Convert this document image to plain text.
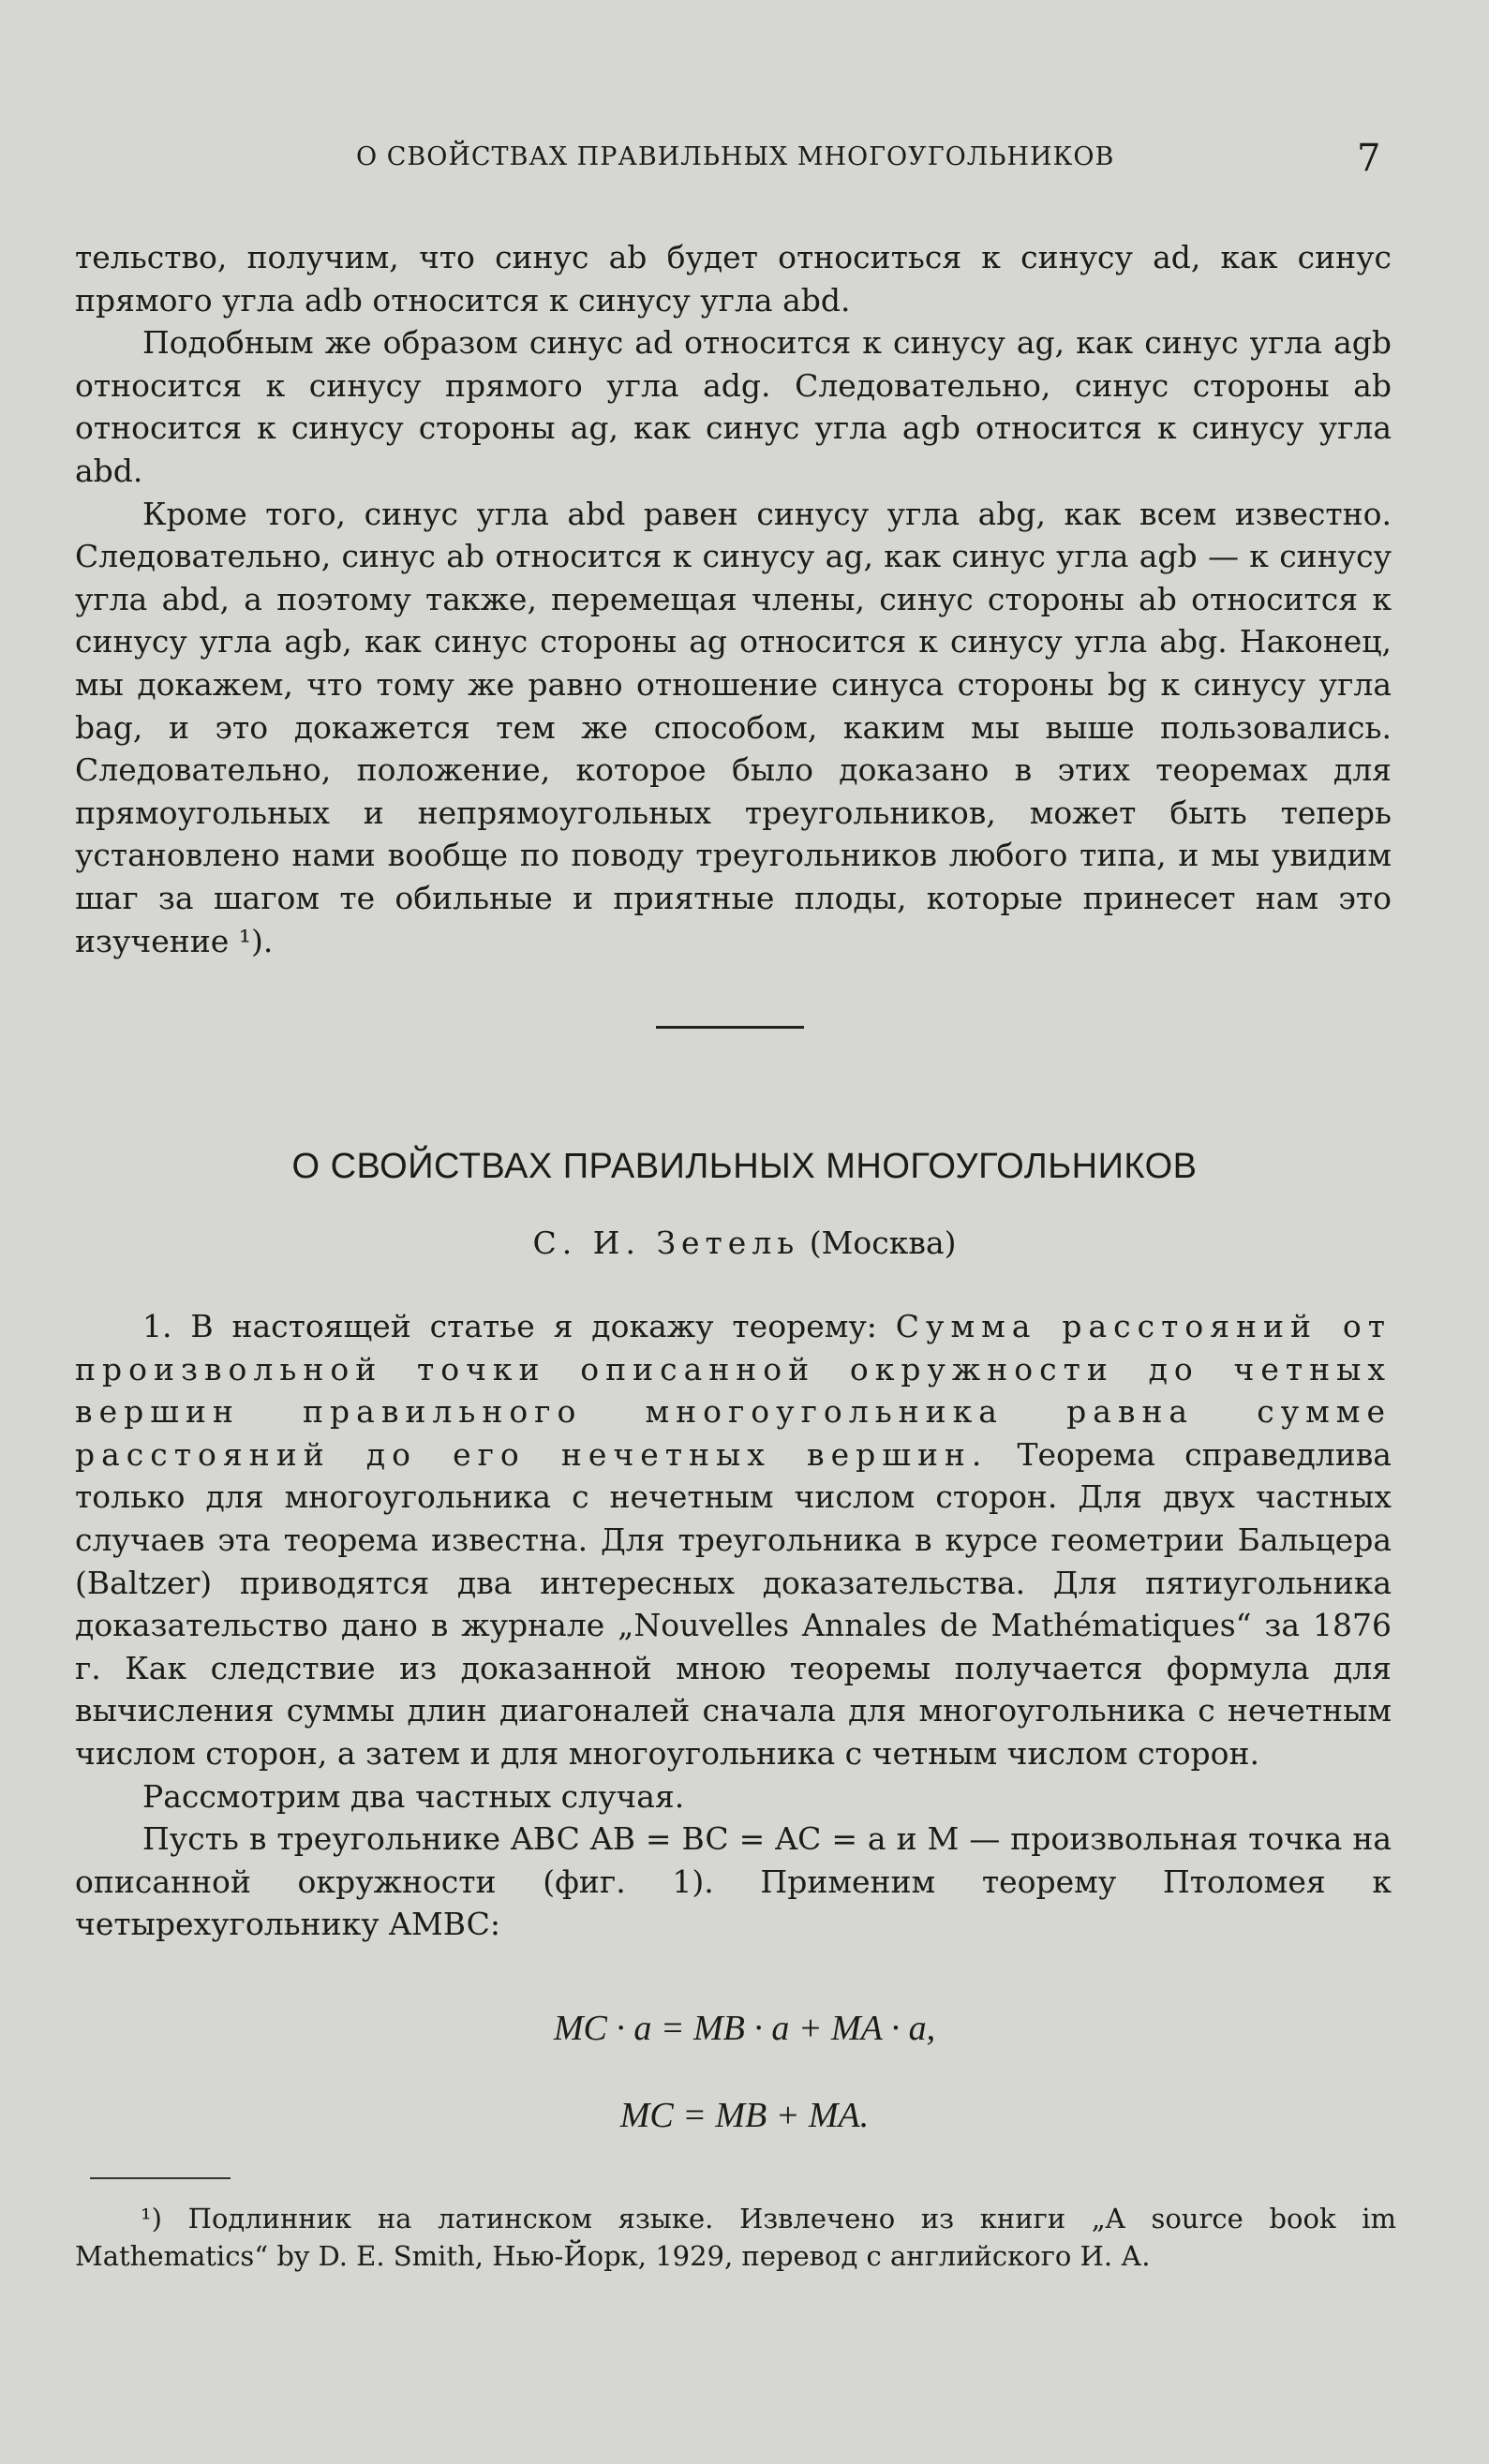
О СВОЙСТВАХ ПРАВИЛЬНЫХ МНОГОУГОЛЬНИКОВ	7

тельство, получим, что синус ab будет относиться к синусу ad, как синус прямого угла adb относится к синусу угла abd.

Подобным же образом синус ad относится к синусу ag, как синус угла agb относится к синусу прямого угла adg. Следовательно, синус стороны ab относится к синусу стороны ag, как синус угла agb относится к синусу угла abd.

Кроме того, синус угла abd равен синусу угла abg, как всем известно. Следовательно, синус ab относится к синусу ag, как синус угла agb — к синусу угла abd, а поэтому также, перемещая члены, синус стороны ab относится к синусу угла agb, как синус стороны ag относится к синусу угла abg. Наконец, мы докажем, что тому же равно отношение синуса стороны bg к синусу угла bag, и это докажется тем же способом, каким мы выше пользовались. Следовательно, положение, которое было доказано в этих теоремах для прямоугольных и непрямоугольных треугольников, может быть теперь установлено нами вообще по поводу треугольников любого типа, и мы увидим шаг за шагом те обильные и приятные плоды, которые принесет нам это изучение ¹).

О СВОЙСТВАХ ПРАВИЛЬНЫХ МНОГОУГОЛЬНИКОВ
С. И. Зетель (Москва)

1. В настоящей статье я докажу теорему: Сумма расстояний от произвольной точки описанной окружности до четных вершин правильного многоугольника равна сумме расстояний до его нечетных вершин. Теорема справедлива только для многоугольника с нечетным числом сторон. Для двух частных случаев эта теорема известна. Для треугольника в курсе геометрии Бальцера (Baltzer) приводятся два интересных доказательства. Для пятиугольника доказательство дано в журнале „Nouvelles Annales de Mathématiques“ за 1876 г. Как следствие из доказанной мною теоремы получается формула для вычисления суммы длин диагоналей сначала для многоугольника с нечетным числом сторон, а затем и для многоугольника с четным числом сторон.

Рассмотрим два частных случая.

Пусть в треугольнике ABC AB = BC = AC = a и M — произвольная точка на описанной окружности (фиг. 1). Применим теорему Птоломея к четырехугольнику AMBC:

MC · a = MB · a + MA · a,
MC = MB + MA.

¹) Подлинник на латинском языке. Извлечено из книги „A source book im Mathematics“ by D. E. Smith, Нью-Йорк, 1929, перевод с английского И. А.
